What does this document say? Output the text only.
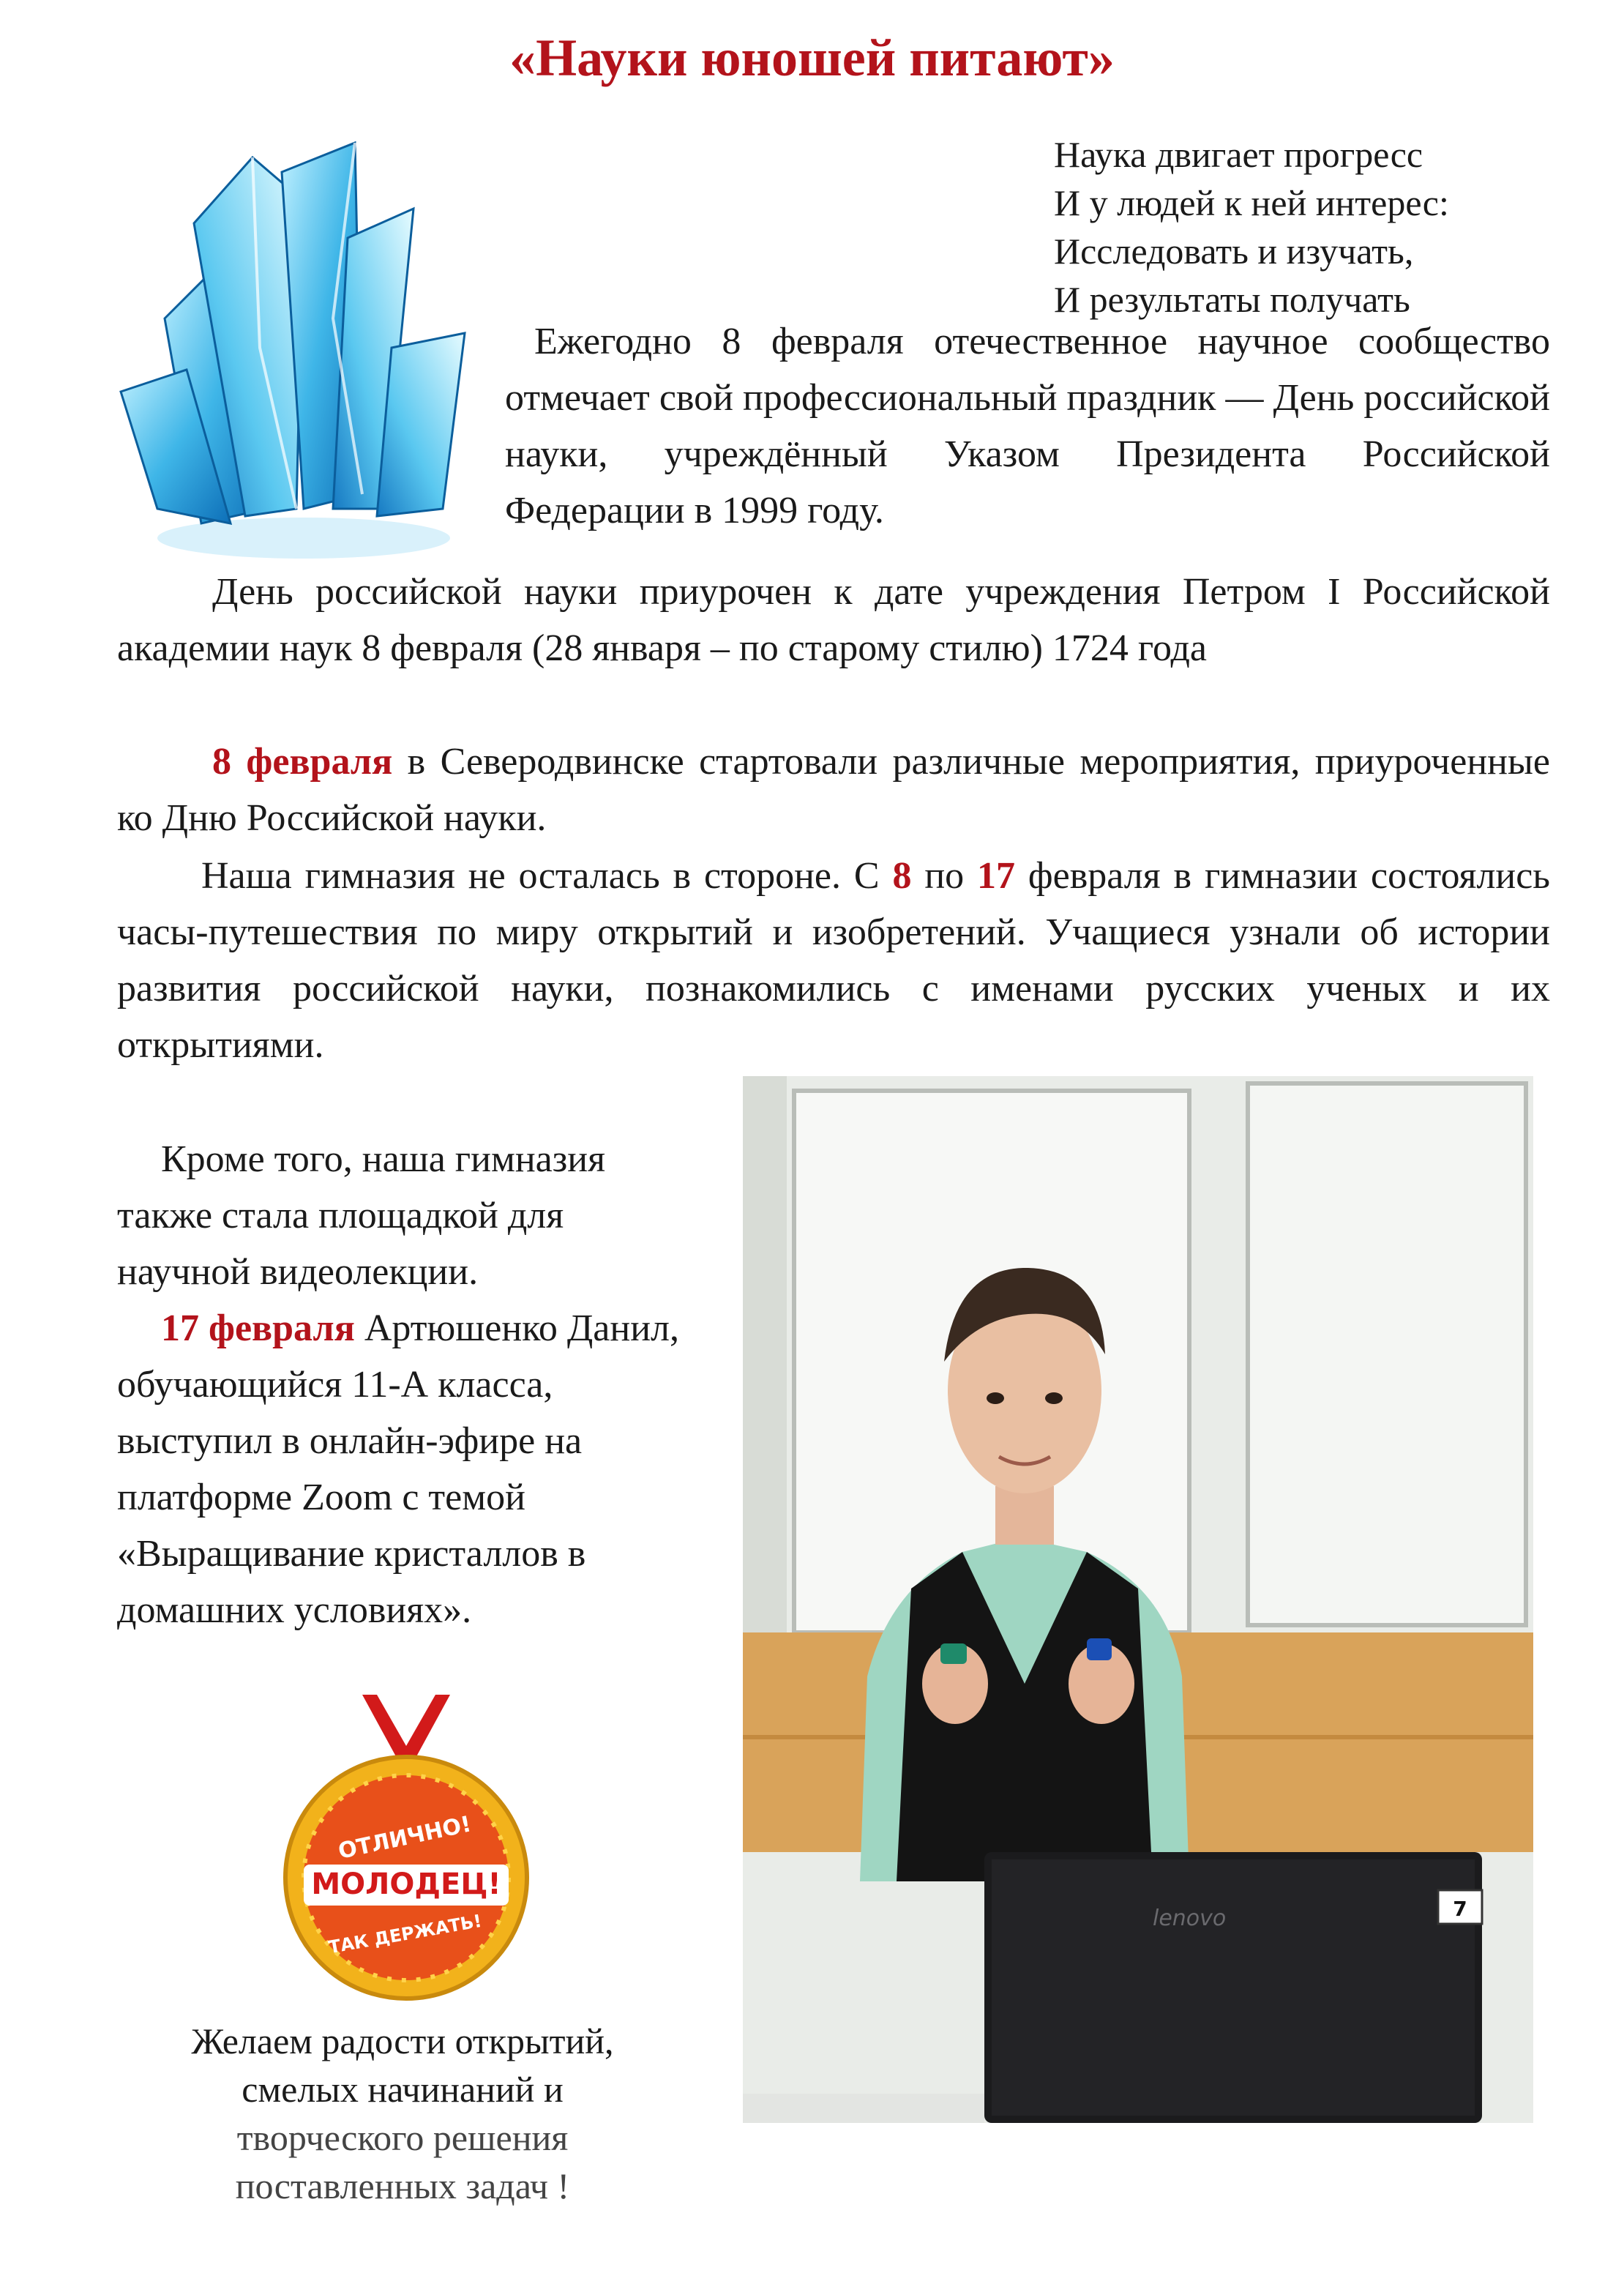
«Науки юношей питают»
Наука двигает прогресс
И у людей к ней интерес:
Исследовать и изучать,
И результаты получать
Ежегодно 8 февраля отечественное научное сообщество отмечает свой профессиональный праздник — День российской науки, учреждённый Указом Президента Российской Федерации в 1999 году.
День российской науки приурочен к дате учреждения Петром I Российской академии наук 8 февраля (28 января – по старому стилю) 1724 года
8 февраля в Северодвинске стартовали различные мероприятия, приуроченные ко Дню Российской науки.
Наша гимназия не осталась в стороне. С 8 по 17 февраля в гимназии состоялись часы-путешествия по миру открытий и изобретений. Учащиеся узнали об истории развития российской науки, познакомились с именами русских ученых и их открытиями.
Кроме того, наша гимназия также стала площадкой для научной видеолекции.
17 февраля Артюшенко Данил, обучающийся 11-А класса, выступил в онлайн-эфире на платформе Zoom с темой «Выращивание кристаллов в домашних условиях».
ОТЛИЧНО!
МОЛОДЕЦ!
ТАК ДЕРЖАТЬ!
Желаем радости открытий,
смелых начинаний и
творческого решения
поставленных задач !
lenovo	7
